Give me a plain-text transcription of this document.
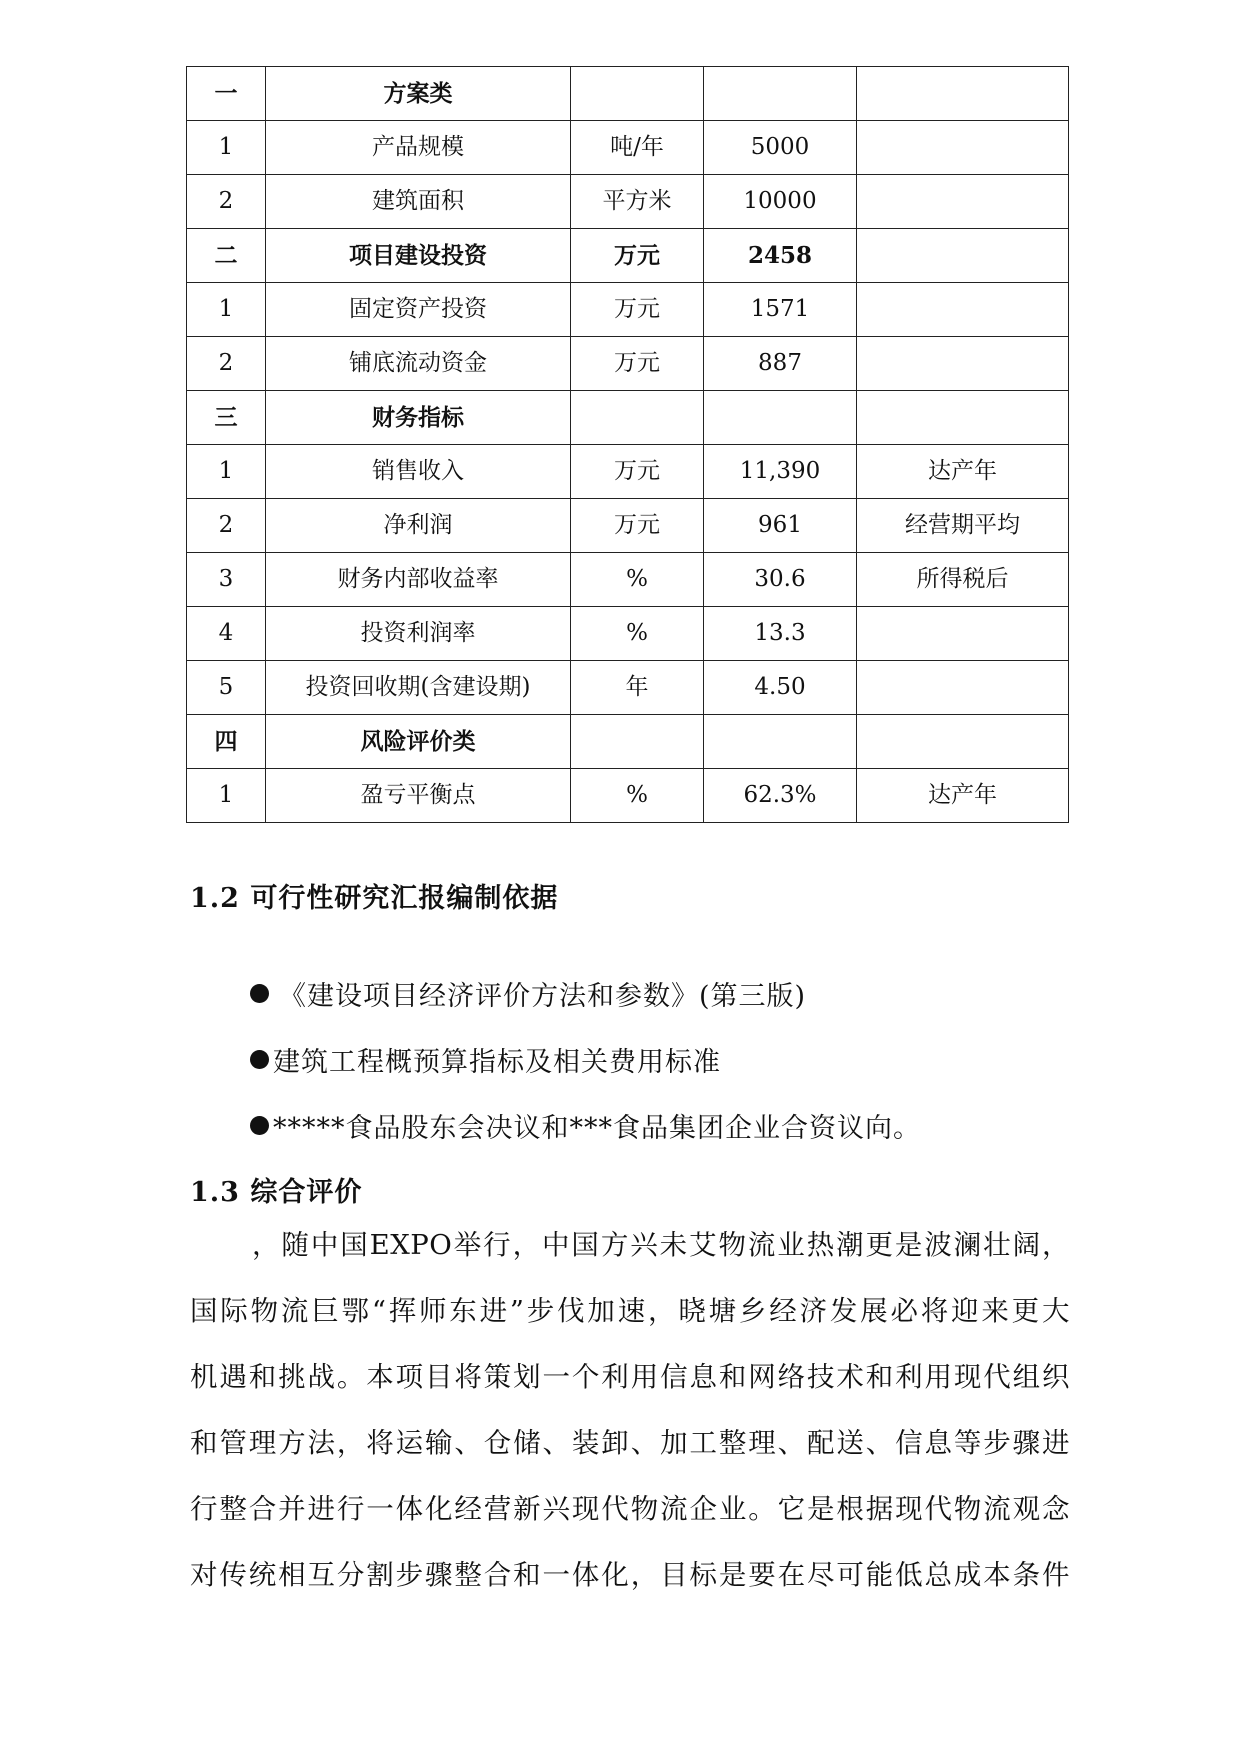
一	方案类			
1	产品规模	吨/年	5000	
2	建筑面积	平方米	10000	
二	项目建设投资	万元	2458	
1	固定资产投资	万元	1571	
2	铺底流动资金	万元	887	
三	财务指标			
1	销售收入	万元	11,390	达产年
2	净利润	万元	961	经营期平均
3	财务内部收益率	%	30.6	所得税后
4	投资利润率	%	13.3	
5	投资回收期(含建设期)	年	4.50	
四	风险评价类			
1	盈亏平衡点	%	62.3%	达产年
1.2 可行性研究汇报编制依据
《建设项目经济评价方法和参数》(第三版)
建筑工程概预算指标及相关费用标准
*****食品股东会决议和***食品集团企业合资议向。
1.3 综合评价
，随中国EXPO举行，中国方兴未艾物流业热潮更是波澜壮阔，
国际物流巨鄂“挥师东进”步伐加速，晓塘乡经济发展必将迎来更大
机遇和挑战。本项目将策划一个利用信息和网络技术和利用现代组织
和管理方法，将运输、仓储、装卸、加工整理、配送、信息等步骤进
行整合并进行一体化经营新兴现代物流企业。它是根据现代物流观念
对传统相互分割步骤整合和一体化，目标是要在尽可能低总成本条件
